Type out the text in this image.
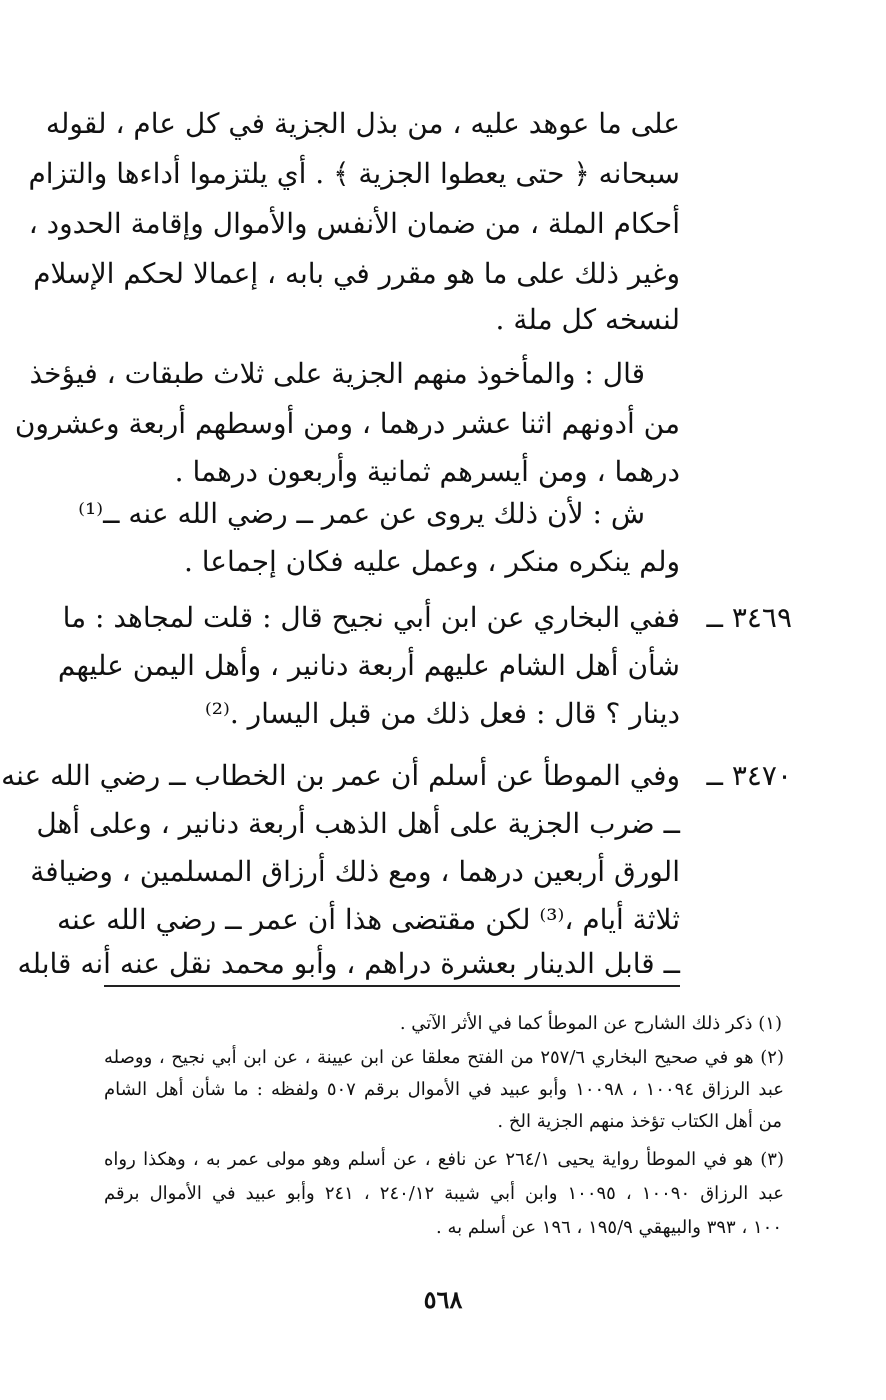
على ما عوهد عليه ، من بذل الجزية في كل عام ، لقوله
سبحانه ﴿ حتى يعطوا الجزية ﴾ . أي يلتزموا أداءها والتزام
أحكام الملة ، من ضمان الأنفس والأموال وإقامة الحدود ،
وغير ذلك على ما هو مقرر في بابه ، إعمالا لحكم الإسلام
لنسخه كل ملة .
قال : والمأخوذ منهم الجزية على ثلاث طبقات ، فيؤخذ
من أدونهم اثنا عشر درهما ، ومن أوسطهم أربعة وعشرون
درهما ، ومن أيسرهم ثمانية وأربعون درهما .
ش : لأن ذلك يروى عن عمر ــ رضي الله عنه ــ⁽¹⁾
ولم ينكره منكر ، وعمل عليه فكان إجماعا .
٣٤٦٩ ــ
ففي البخاري عن ابن أبي نجيح قال : قلت لمجاهد : ما
شأن أهل الشام عليهم أربعة دنانير ، وأهل اليمن عليهم
دينار ؟ قال : فعل ذلك من قبل اليسار .⁽²⁾
٣٤٧٠ ــ
وفي الموطأ عن أسلم أن عمر بن الخطاب ــ رضي الله عنه
ــ ضرب الجزية على أهل الذهب أربعة دنانير ، وعلى أهل
الورق أربعين درهما ، ومع ذلك أرزاق المسلمين ، وضيافة
ثلاثة أيام ،⁽³⁾ لكن مقتضى هذا أن عمر ــ رضي الله عنه
ــ قابل الدينار بعشرة دراهم ، وأبو محمد نقل عنه أنه قابله
(١) ذكر ذلك الشارح عن الموطأ كما في الأثر الآتي .
(٢) هو في صحيح البخاري ٢٥٧/٦ من الفتح معلقا عن ابن عيينة ، عن ابن أبي نجيح ، ووصله
عبد الرزاق ١٠٠٩٤ ، ١٠٠٩٨ وأبو عبيد في الأموال برقم ٥٠٧ ولفظه : ما شأن أهل الشام
من أهل الكتاب تؤخذ منهم الجزية الخ .
(٣) هو في الموطأ رواية يحيى ٢٦٤/١ عن نافع ، عن أسلم وهو مولى عمر به ، وهكذا رواه
عبد الرزاق ١٠٠٩٠ ، ١٠٠٩٥ وابن أبي شيبة ٢٤٠/١٢ ، ٢٤١ وأبو عبيد في الأموال برقم
١٠٠ ، ٣٩٣ والبيهقي ١٩٥/٩ ، ١٩٦ عن أسلم به .
٥٦٨
